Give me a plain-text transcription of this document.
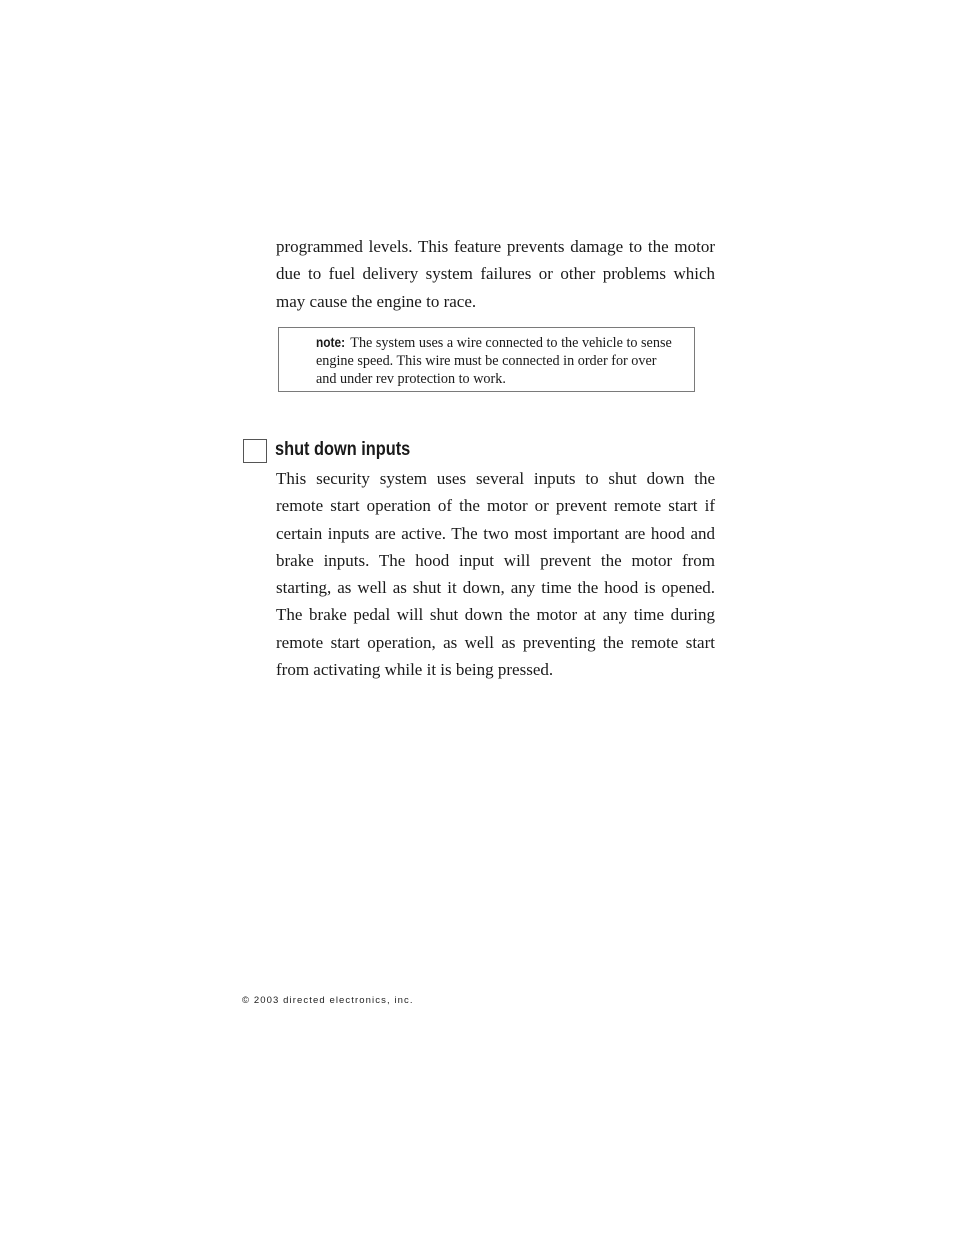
programmed levels. This feature prevents damage to the motor due to fuel delivery system failures or other problems which may cause the engine to race.

note: The system uses a wire connected to the vehicle to sense engine speed. This wire must be connected in order for over and under rev protection to work.

shut down inputs

This security system uses several inputs to shut down the remote start operation of the motor or prevent remote start if certain inputs are active. The two most important are hood and brake inputs. The hood input will prevent the motor from starting, as well as shut it down, any time the hood is opened. The brake pedal will shut down the motor at any time during remote start operation, as well as preventing the remote start from activating while it is being pressed.

© 2003 directed electronics, inc.
